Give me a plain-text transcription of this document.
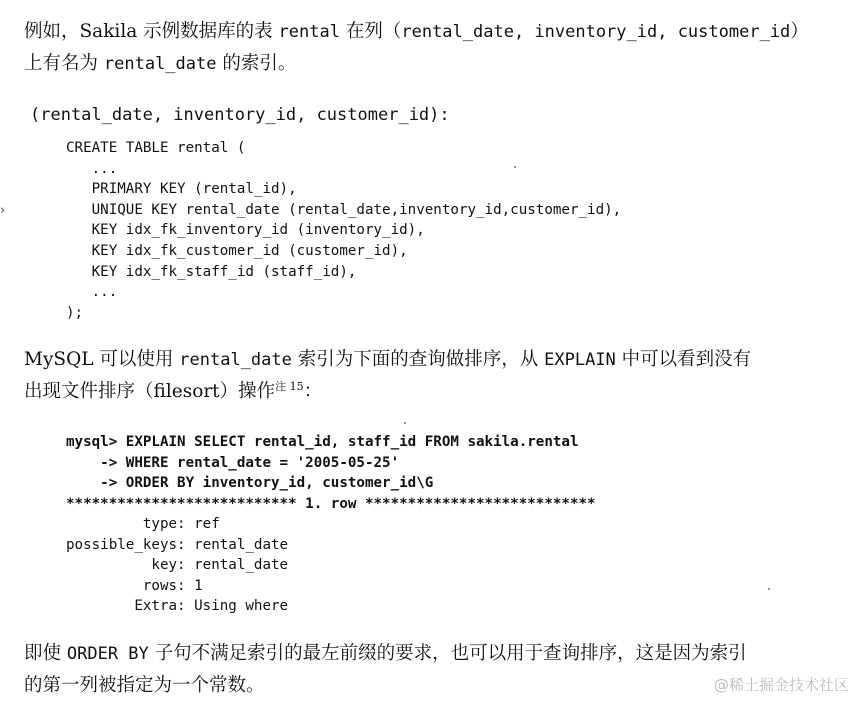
例如，Sakila 示例数据库的表 rental 在列（rental_date, inventory_id, customer_id）
上有名为 rental_date 的索引。
(rental_date, inventory_id, customer_id):
›
CREATE TABLE rental (
...
PRIMARY KEY (rental_id),
UNIQUE KEY rental_date (rental_date,inventory_id,customer_id),
KEY idx_fk_inventory_id (inventory_id),
KEY idx_fk_customer_id (customer_id),
KEY idx_fk_staff_id (staff_id),
...
);
MySQL 可以使用 rental_date 索引为下面的查询做排序，从 EXPLAIN 中可以看到没有
出现文件排序（filesort）操作$^{注 15}$：
mysql> EXPLAIN SELECT rental_id, staff_id FROM sakila.rental
-> WHERE rental_date = '2005-05-25'
-> ORDER BY inventory_id, customer_id\G
*************************** 1. row ***************************
type: ref
possible_keys: rental_date
key: rental_date
rows: 1
Extra: Using where
即使 ORDER BY 子句不满足索引的最左前缀的要求，也可以用于查询排序，这是因为索引
的第一列被指定为一个常数。	@稀土掘金技术社区
